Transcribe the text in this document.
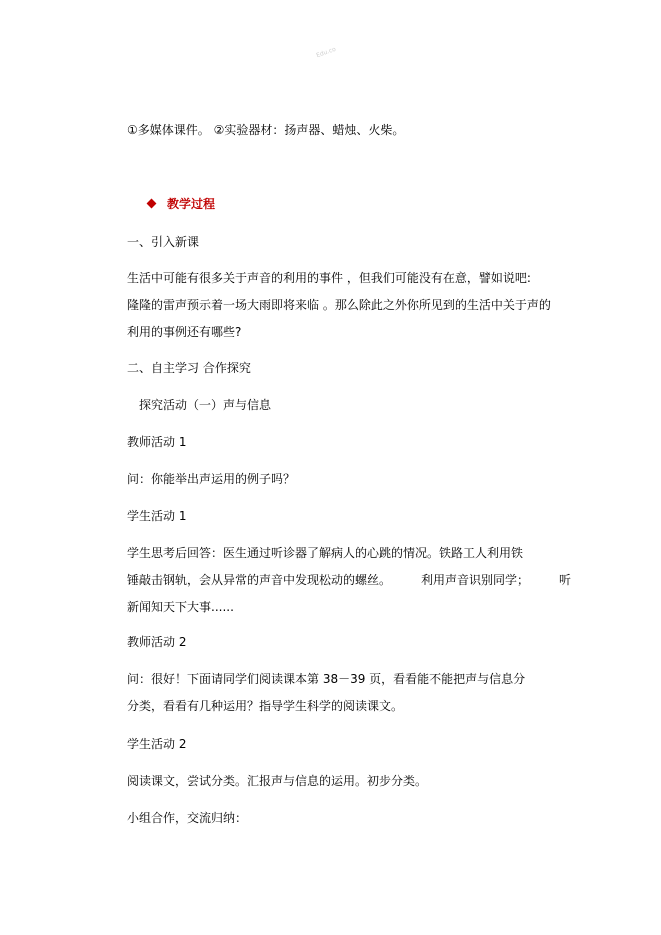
Edu.co
①多媒体课件。 ②实验器材：扬声器、蜡烛、火柴。
教学过程
一、引入新课
生活中可能有很多关于声音的利用的事件 ，但我们可能没有在意，譬如说吧:
隆隆的雷声预示着一场大雨即将来临 。那么除此之外你所见到的生活中关于声的
利用的事例还有哪些?
二、自主学习 合作探究
探究活动（一）声与信息
教师活动 1
问：你能举出声运用的例子吗？
学生活动 1
学生思考后回答：医生通过听诊器了解病人的心跳的情况。铁路工人利用铁
锤敲击钢轨，会从异常的声音中发现松动的螺丝。	利用声音识别同学；	听
新闻知天下大事......
教师活动 2
问：很好！下面请同学们阅读课本第 38－39 页，看看能不能把声与信息分
分类，看看有几种运用？指导学生科学的阅读课文。
学生活动 2
阅读课文，尝试分类。汇报声与信息的运用。初步分类。
小组合作，交流归纳：
